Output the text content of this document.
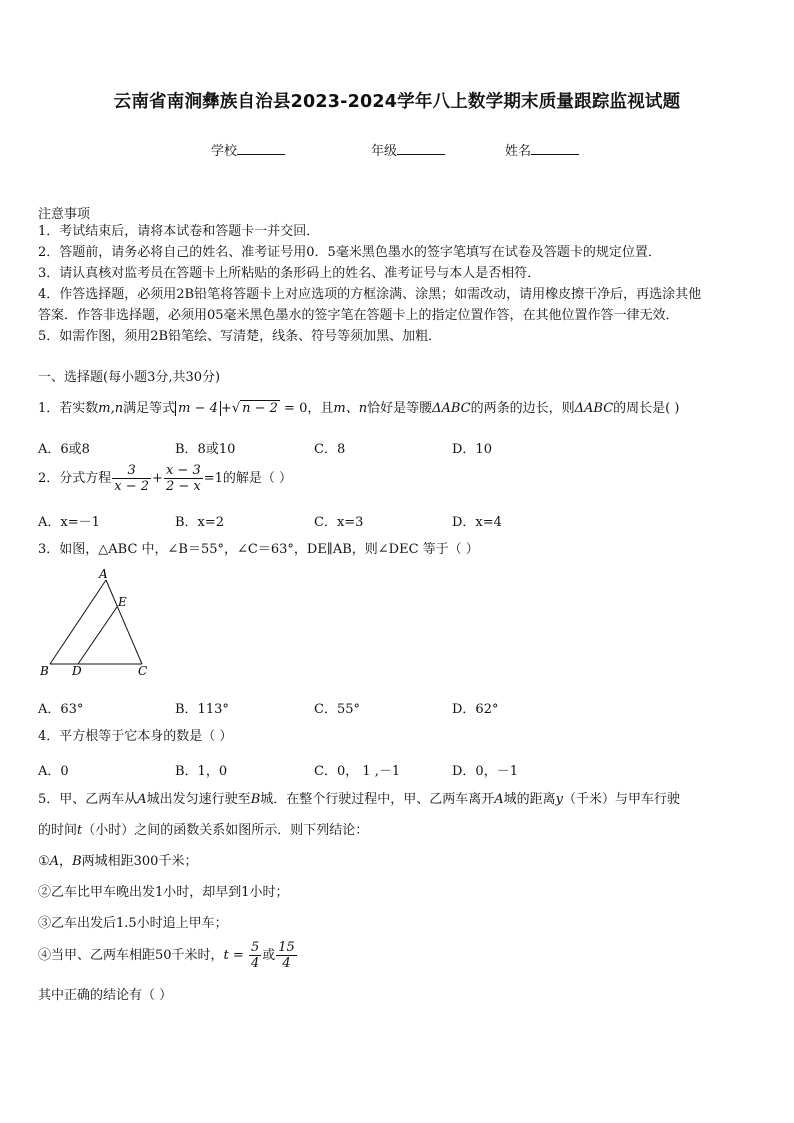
云南省南涧彝族自治县2023-2024学年八上数学期末质量跟踪监视试题
学校	年级	姓名
注意事项
1．考试结束后，请将本试卷和答题卡一并交回．
2．答题前，请务必将自己的姓名、准考证号用0．5毫米黑色墨水的签字笔填写在试卷及答题卡的规定位置．
3．请认真核对监考员在答题卡上所粘贴的条形码上的姓名、准考证号与本人是否相符．
4．作答选择题，必须用2B铅笔将答题卡上对应选项的方框涂满、涂黑；如需改动，请用橡皮擦干净后，再选涂其他
答案．作答非选择题，必须用05毫米黑色墨水的签字笔在答题卡上的指定位置作答，在其他位置作答一律无效．
5．如需作图，须用2B铅笔绘、写清楚，线条、符号等须加黑、加粗．
一、选择题(每小题3分,共30分)
1．若实数m,n满足等式 m − 4 +√ n − 2 = 0，且m、n恰好是等腰ΔABC的两条的边长，则ΔABC的周长是( )
A．6或8	B．8或10	C．8	D．10
2．分式方程 $\frac{3}{x - 2} + \frac{x - 3}{2 - x} =1$的解是（ ）
A．x=－1	B．x=2	C．x=3	D．x=4
3．如图，△ABC 中，∠B＝55°，∠C＝63°，DE∥AB，则∠DEC 等于（ ）
A
E
B D	C
A．63°	B．113°	C．55°	D．62°
4．平方根等于它本身的数是（ ）
A．0	B．1，0	C．0， 1 ,－1	D．0，－1
5．甲、乙两车从A城出发匀速行驶至B城．在整个行驶过程中，甲、乙两车离开A城的距离y（千米）与甲车行驶
的时间t（小时）之间的函数关系如图所示．则下列结论：
①A，B两城相距300千米；
②乙车比甲车晚出发1小时，却早到1小时；
③乙车出发后1.5小时追上甲车；
④当甲、乙两车相距50千米时，$t = \frac{5}{4}$ 或 $\frac{15}{4}$
其中正确的结论有（ ）
